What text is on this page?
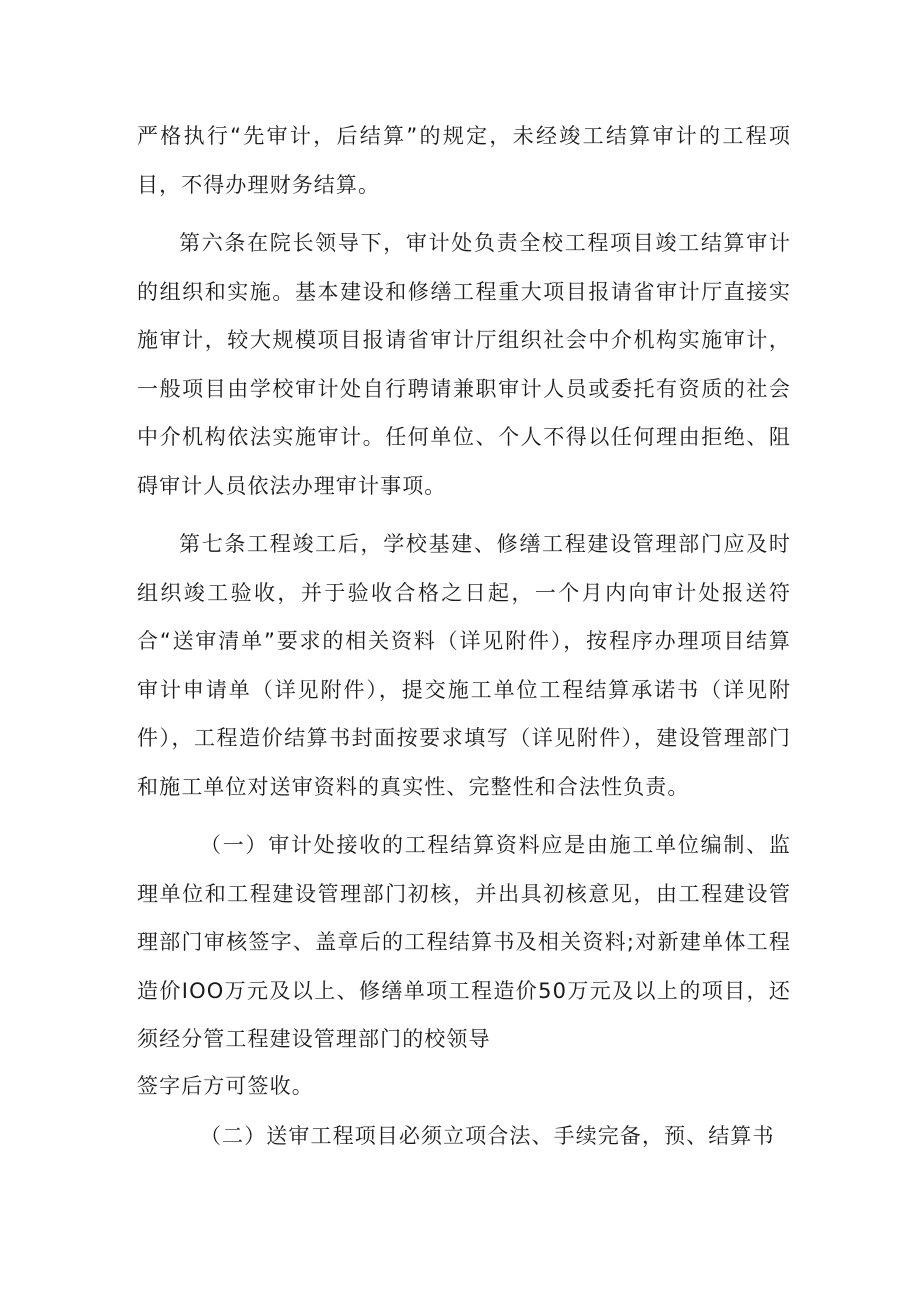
严格执行“先审计，后结算”的规定，未经竣工结算审计的工程项目，不得办理财务结算。

第六条在院长领导下，审计处负责全校工程项目竣工结算审计的组织和实施。基本建设和修缮工程重大项目报请省审计厅直接实施审计，较大规模项目报请省审计厅组织社会中介机构实施审计，一般项目由学校审计处自行聘请兼职审计人员或委托有资质的社会中介机构依法实施审计。任何单位、个人不得以任何理由拒绝、阻碍审计人员依法办理审计事项。

第七条工程竣工后，学校基建、修缮工程建设管理部门应及时组织竣工验收，并于验收合格之日起，一个月内向审计处报送符合“送审清单”要求的相关资料（详见附件），按程序办理项目结算审计申请单（详见附件），提交施工单位工程结算承诺书（详见附件），工程造价结算书封面按要求填写（详见附件），建设管理部门和施工单位对送审资料的真实性、完整性和合法性负责。

（一）审计处接收的工程结算资料应是由施工单位编制、监理单位和工程建设管理部门初核，并出具初核意见，由工程建设管理部门审核签字、盖章后的工程结算书及相关资料;对新建单体工程造价IOO万元及以上、修缮单项工程造价50万元及以上的项目，还须经分管工程建设管理部门的校领导

签字后方可签收。

（二）送审工程项目必须立项合法、手续完备，预、结算书
